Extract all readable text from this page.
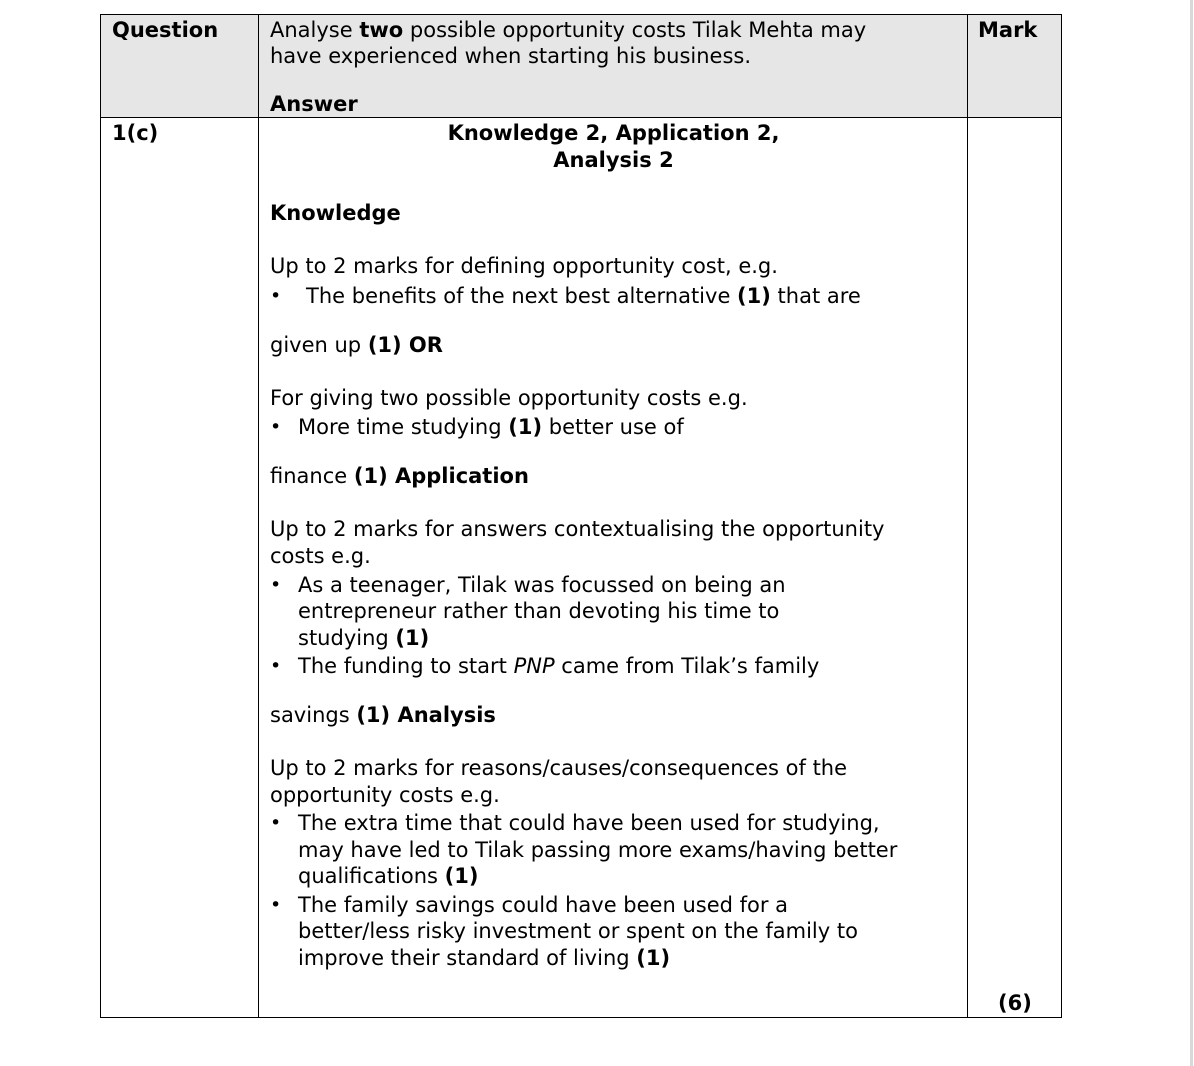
Question Analyse two possible opportunity costs Tilak Mehta may
have experienced when starting his business.
Answer
Mark
1(c)	Knowledge 2, Application 2,
Analysis 2
Knowledge
Up to 2 marks for defining opportunity cost, e.g.
• The benefits of the next best alternative (1) that are
given up (1) OR
For giving two possible opportunity costs e.g.
• More time studying (1) better use of
finance (1) Application
Up to 2 marks for answers contextualising the opportunity
costs e.g.
• As a teenager, Tilak was focussed on being an
entrepreneur rather than devoting his time to
studying (1)
• The funding to start PNP came from Tilak’s family
savings (1) Analysis
Up to 2 marks for reasons/causes/consequences of the
opportunity costs e.g.
• The extra time that could have been used for studying,
may have led to Tilak passing more exams/having better
qualifications (1)
• The family savings could have been used for a
better/less risky investment or spent on the family to
improve their standard of living (1)
(6)
